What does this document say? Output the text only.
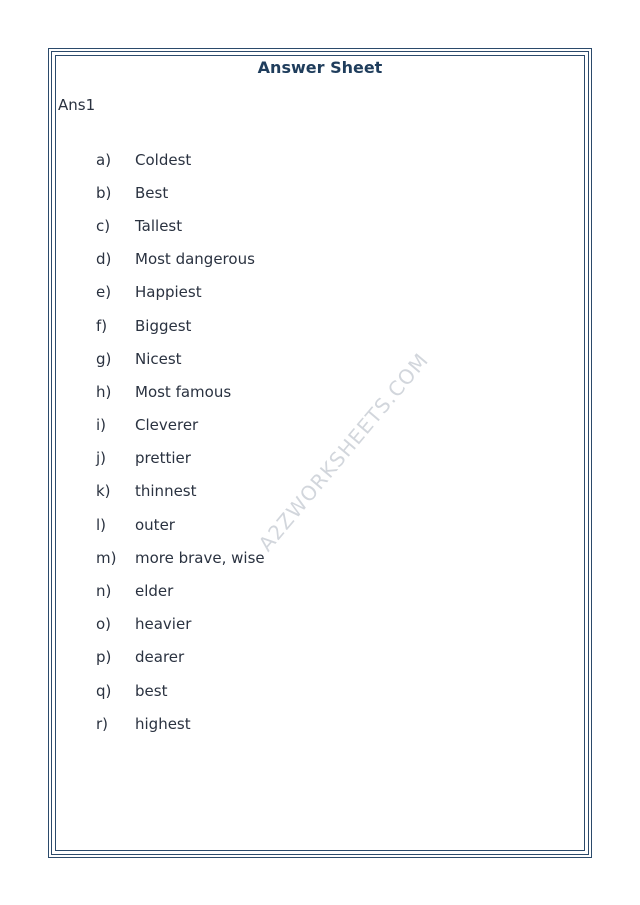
Answer Sheet
Ans1
a)	Coldest
b)	Best
c)	Tallest
d)	Most dangerous
e)	Happiest
f)	Biggest
g)	Nicest
h)	Most famous
i)	Cleverer
j)	prettier
k)	thinnest
l)	outer
m)	more brave, wise
n)	elder
o)	heavier
p)	dearer
q)	best
r)	highest
A2ZWORKSHEETS.COM
